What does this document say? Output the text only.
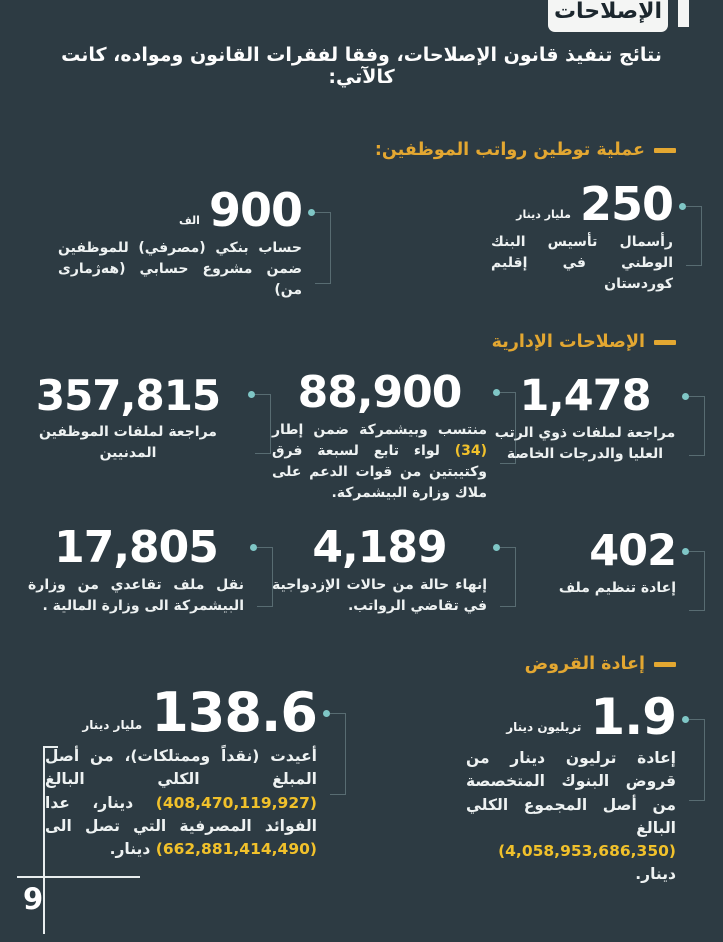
الإصلاحات
نتائج تنفيذ قانون الإصلاحات، وفقا لفقرات القانون ومواده، كانت كالآتي:
عملية توطين رواتب الموظفين:
250
مليار دينار
رأسمال تأسيس البنك الوطني في إقليم كوردستان
900
الف
حساب بنكي (مصرفي) للموظفين ضمن مشروع حسابي (هەژماری من)
الإصلاحات الإدارية
1,478
مراجعة لملفات ذوي الرتب العليا والدرجات الخاصة
88,900
منتسب وبيشمركة ضمن إطار (34) لواء تابع لسبعة فرق وكتيبتين من قوات الدعم على ملاك وزارة البيشمركة.
357,815
مراجعة لملفات الموظفين المدنيين
402
إعادة تنظيم ملف
4,189
إنهاء حالة من حالات الإزدواجية في تقاضي الرواتب.
17,805
نقل ملف تقاعدي من وزارة البيشمركة الى وزارة المالية .
إعادة القروض
1.9
تريليون دينار
إعادة ترليون دينار من قروض البنوك المتخصصة من أصل المجموع الكلي البالغ (4,058,953,686,350) دينار.
138.6
مليار دينار
أعيدت (نقداً وممتلكات)، من أصل المبلغ الكلي البالغ (408,470,119,927) دينار، عدا الفوائد المصرفية التي تصل الى (662,881,414,490) دينار.
9
